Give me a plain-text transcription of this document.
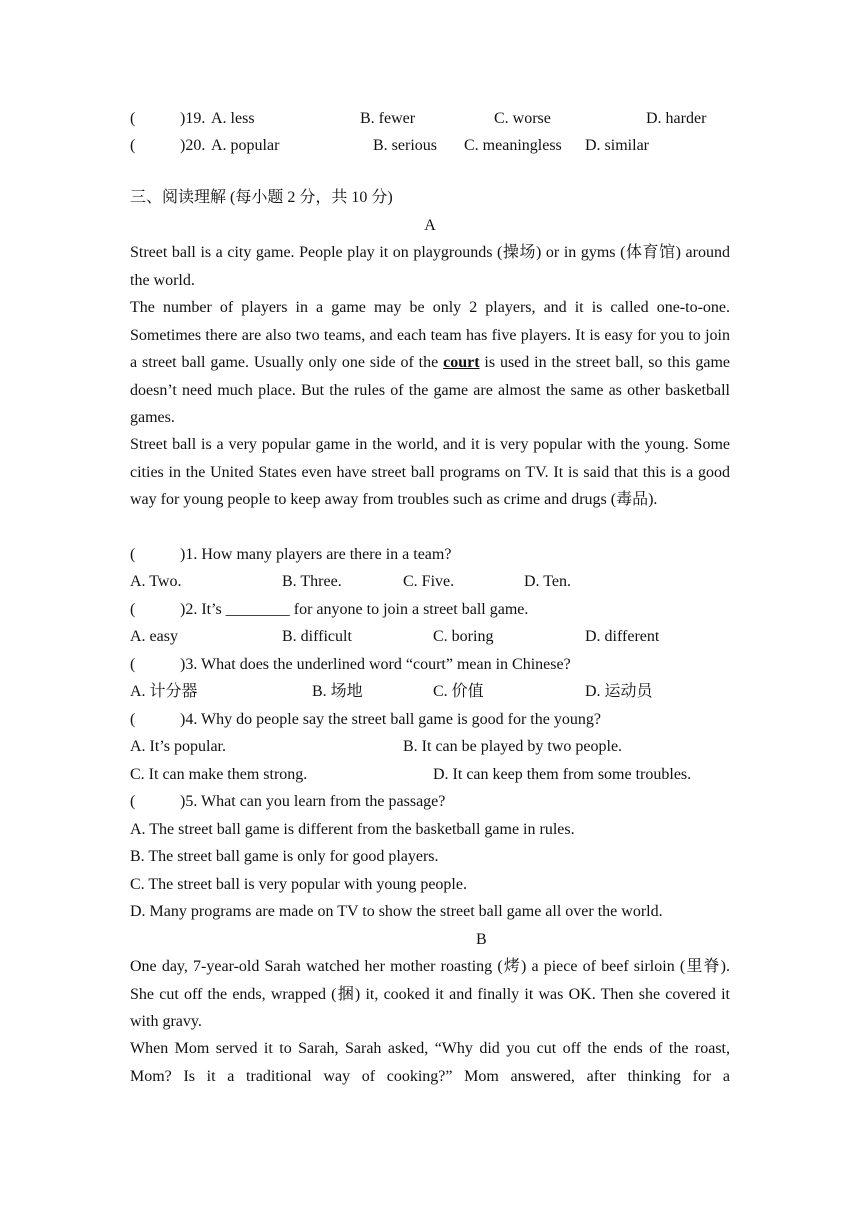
(	)19. A. less	B. fewer	C. worse	D. harder
(	)20. A. popular	B. serious C. meaningless D. similar
三、阅读理解 (每小题 2 分，共 10 分)
A
Street ball is a city game. People play it on playgrounds (操场) or in gyms (体育馆) around the world.
The number of players in a game may be only 2 players, and it is called one-to-one. Sometimes there are also two teams, and each team has five players. It is easy for you to join a street ball game. Usually only one side of the court is used in the street ball, so this game doesn’t need much place. But the rules of the game are almost the same as other basketball games.
Street ball is a very popular game in the world, and it is very popular with the young. Some cities in the United States even have street ball programs on TV. It is said that this is a good way for young people to keep away from troubles such as crime and drugs (毒品).
(	)1. How many players are there in a team?
A. Two.	B. Three.	C. Five.	D. Ten.
(	)2. It’s ________ for anyone to join a street ball game.
A. easy	B. difficult	C. boring	D. different
(	)3. What does the underlined word “court” mean in Chinese?
A. 计分器	B. 场地	C. 价值	D. 运动员
(	)4. Why do people say the street ball game is good for the young?
A. It’s popular.	B. It can be played by two people.
C. It can make them strong.	D. It can keep them from some troubles.
(	)5. What can you learn from the passage?
A. The street ball game is different from the basketball game in rules.
B. The street ball game is only for good players.
C. The street ball is very popular with young people.
D. Many programs are made on TV to show the street ball game all over the world.
B
One day, 7-year-old Sarah watched her mother roasting (烤) a piece of beef sirloin (里脊). She cut off the ends, wrapped (捆) it, cooked it and finally it was OK. Then she covered it with gravy.
When Mom served it to Sarah, Sarah asked, “Why did you cut off the ends of the roast, Mom? Is it a traditional way of cooking?” Mom answered, after thinking for a
